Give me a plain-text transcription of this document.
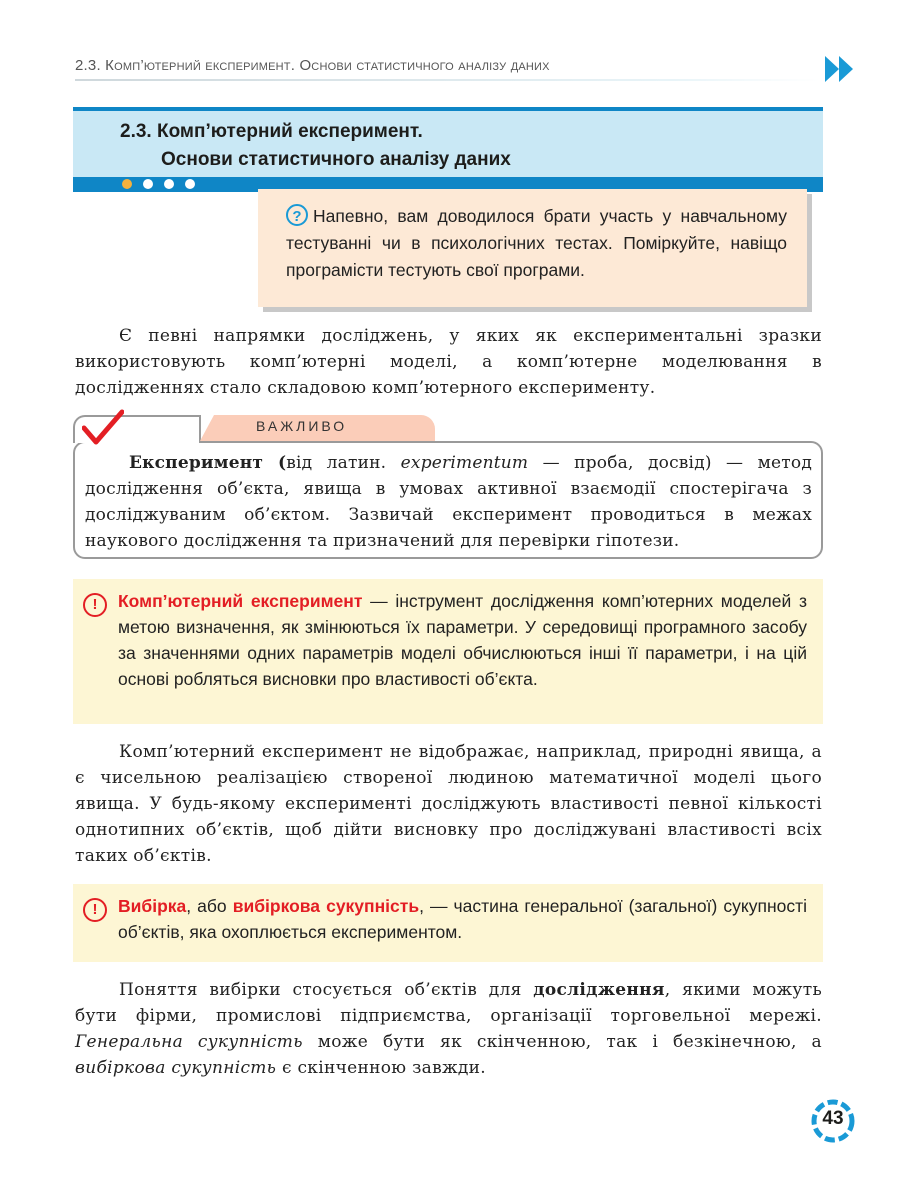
2.3. Комп’ютерний експеримент. Основи статистичного аналізу даних
2.3. Комп’ютерний експеримент.
Основи статистичного аналізу даних
? Напевно, вам доводилося брати участь у навчальному тестуванні чи в психологічних тестах. Поміркуйте, навіщо програмісти тестують свої програми.
Є певні напрямки досліджень, у яких як експериментальні зразки використовують комп’ютерні моделі, а комп’ютерне моделювання в дослідженнях стало складовою комп’ютерного експерименту.
ВАЖЛИВО
Експеримент (від латин. experimentum — проба, досвід) — метод дослідження об’єкта, явища в умовах активної взаємодії спостерігача з досліджуваним об’єктом. Зазвичай експеримент проводиться в межах наукового дослідження та призначений для перевірки гіпотези.
!	Комп’ютерний експеримент — інструмент дослідження комп’ютерних моделей з метою визначення, як змінюються їх параметри. У середовищі програмного засобу за значеннями одних параметрів моделі обчислюються інші її параметри, і на цій основі робляться висновки про властивості об’єкта.
Комп’ютерний експеримент не відображає, наприклад, природні явища, а є чисельною реалізацією створеної людиною математичної моделі цього явища. У будь-якому експерименті досліджують властивості певної кількості однотипних об’єктів, щоб дійти висновку про досліджувані властивості всіх таких об’єктів.
!	Вибірка, або вибіркова сукупність, — частина генеральної (загальної) сукупності об’єктів, яка охоплюється експериментом.
Поняття вибірки стосується об’єктів для дослідження, якими можуть бути фірми, промислові підприємства, організації торговельної мережі. Генеральна сукупність може бути як скінченною, так і безкінечною, а вибіркова сукупність є скінченною завжди.
43
